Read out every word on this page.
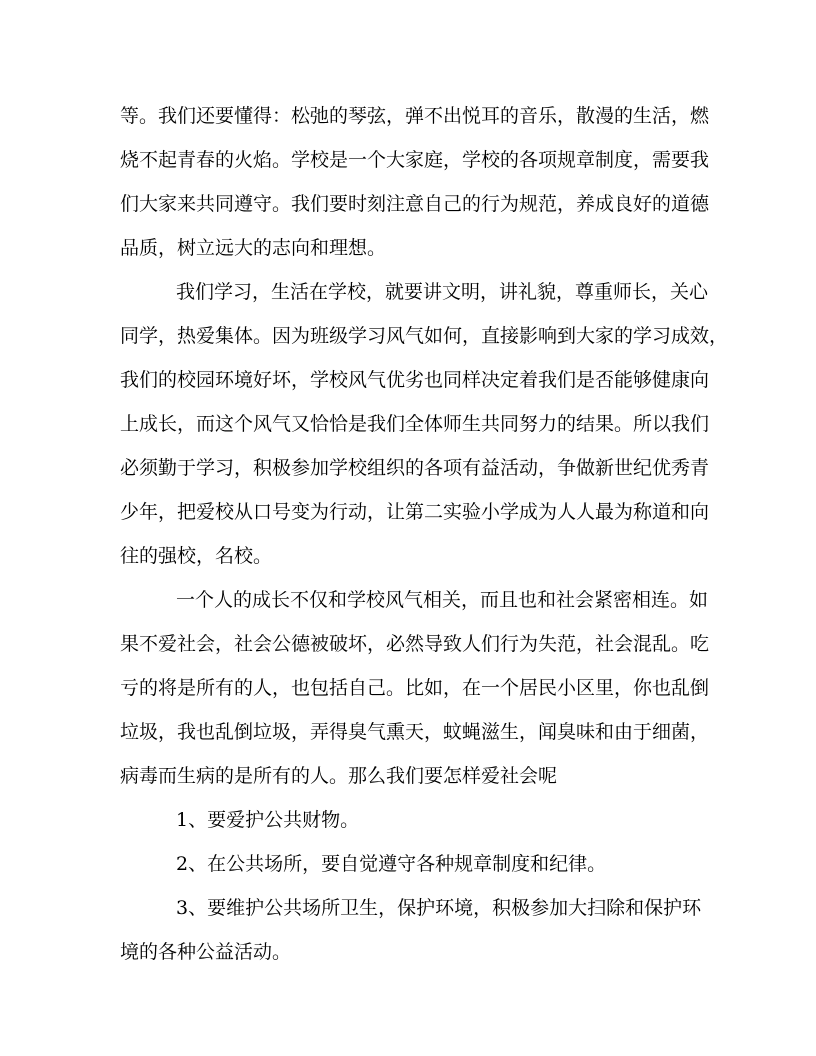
等。我们还要懂得：松弛的琴弦，弹不出悦耳的音乐，散漫的生活，燃
烧不起青春的火焰。学校是一个大家庭，学校的各项规章制度，需要我
们大家来共同遵守。我们要时刻注意自己的行为规范，养成良好的道德
品质，树立远大的志向和理想。
我们学习，生活在学校，就要讲文明，讲礼貌，尊重师长，关心
同学，热爱集体。因为班级学习风气如何，直接影响到大家的学习成效，
我们的校园环境好坏，学校风气优劣也同样决定着我们是否能够健康向
上成长，而这个风气又恰恰是我们全体师生共同努力的结果。所以我们
必须勤于学习，积极参加学校组织的各项有益活动，争做新世纪优秀青
少年，把爱校从口号变为行动，让第二实验小学成为人人最为称道和向
往的强校，名校。
一个人的成长不仅和学校风气相关，而且也和社会紧密相连。如
果不爱社会，社会公德被破坏，必然导致人们行为失范，社会混乱。吃
亏的将是所有的人，也包括自己。比如，在一个居民小区里，你也乱倒
垃圾，我也乱倒垃圾，弄得臭气熏天，蚊蝇滋生，闻臭味和由于细菌，
病毒而生病的是所有的人。那么我们要怎样爱社会呢
1、要爱护公共财物。
2、在公共场所，要自觉遵守各种规章制度和纪律。
3、要维护公共场所卫生，保护环境，积极参加大扫除和保护环
境的各种公益活动。
